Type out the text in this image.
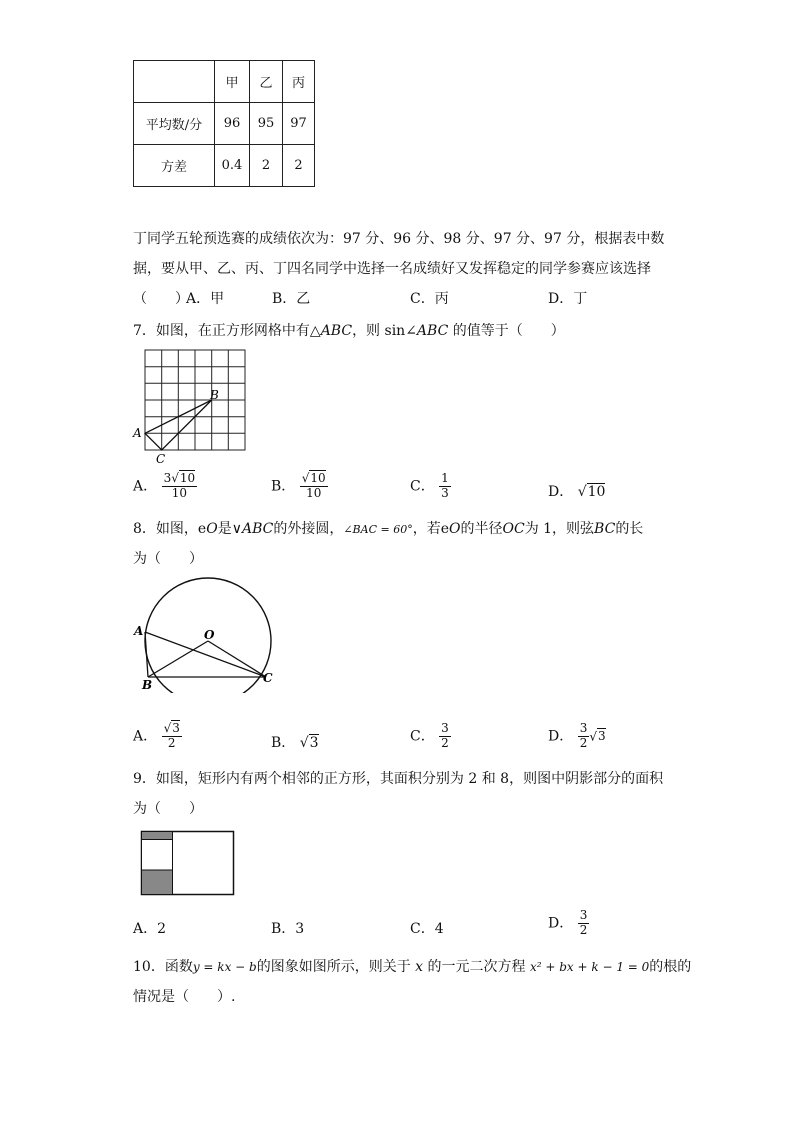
	甲	乙	丙
平均数/分	96	95	97
方差	0.4	2	2
丁同学五轮预选赛的成绩依次为：97 分、96 分、98 分、97 分、97 分，根据表中数
据，要从甲、乙、丙、丁四名同学中选择一名成绩好又发挥稳定的同学参赛应该选择
（　　）
A．甲	B．乙	C．丙	D．丁
7．如图，在正方形网格中有△ABC，则 sin∠ABC 的值等于（　　）
A
B
C
A． $\frac{3√10}{10}$	B． $\frac{√10}{10}$	C． $\frac{1}{3}$	D． √10
8．如图，eO是∨ABC的外接圆，∠BAC = 60°，若eO的半径OC为 1，则弦BC的长
为（　　）
A
B	C
O
A． $\frac{√3}{2}$	B． √3	C． $\frac{3}{2}$	D． $\frac{3}{2} √3$
9．如图，矩形内有两个相邻的正方形，其面积分别为 2 和 8，则图中阴影部分的面积
为（　　）
A．2	B．3	C．4	D． $\frac{3}{2}$
10．函数y = kx − b的图象如图所示，则关于 x 的一元二次方程 x² + bx + k − 1 = 0的根的
情况是（　　）.
